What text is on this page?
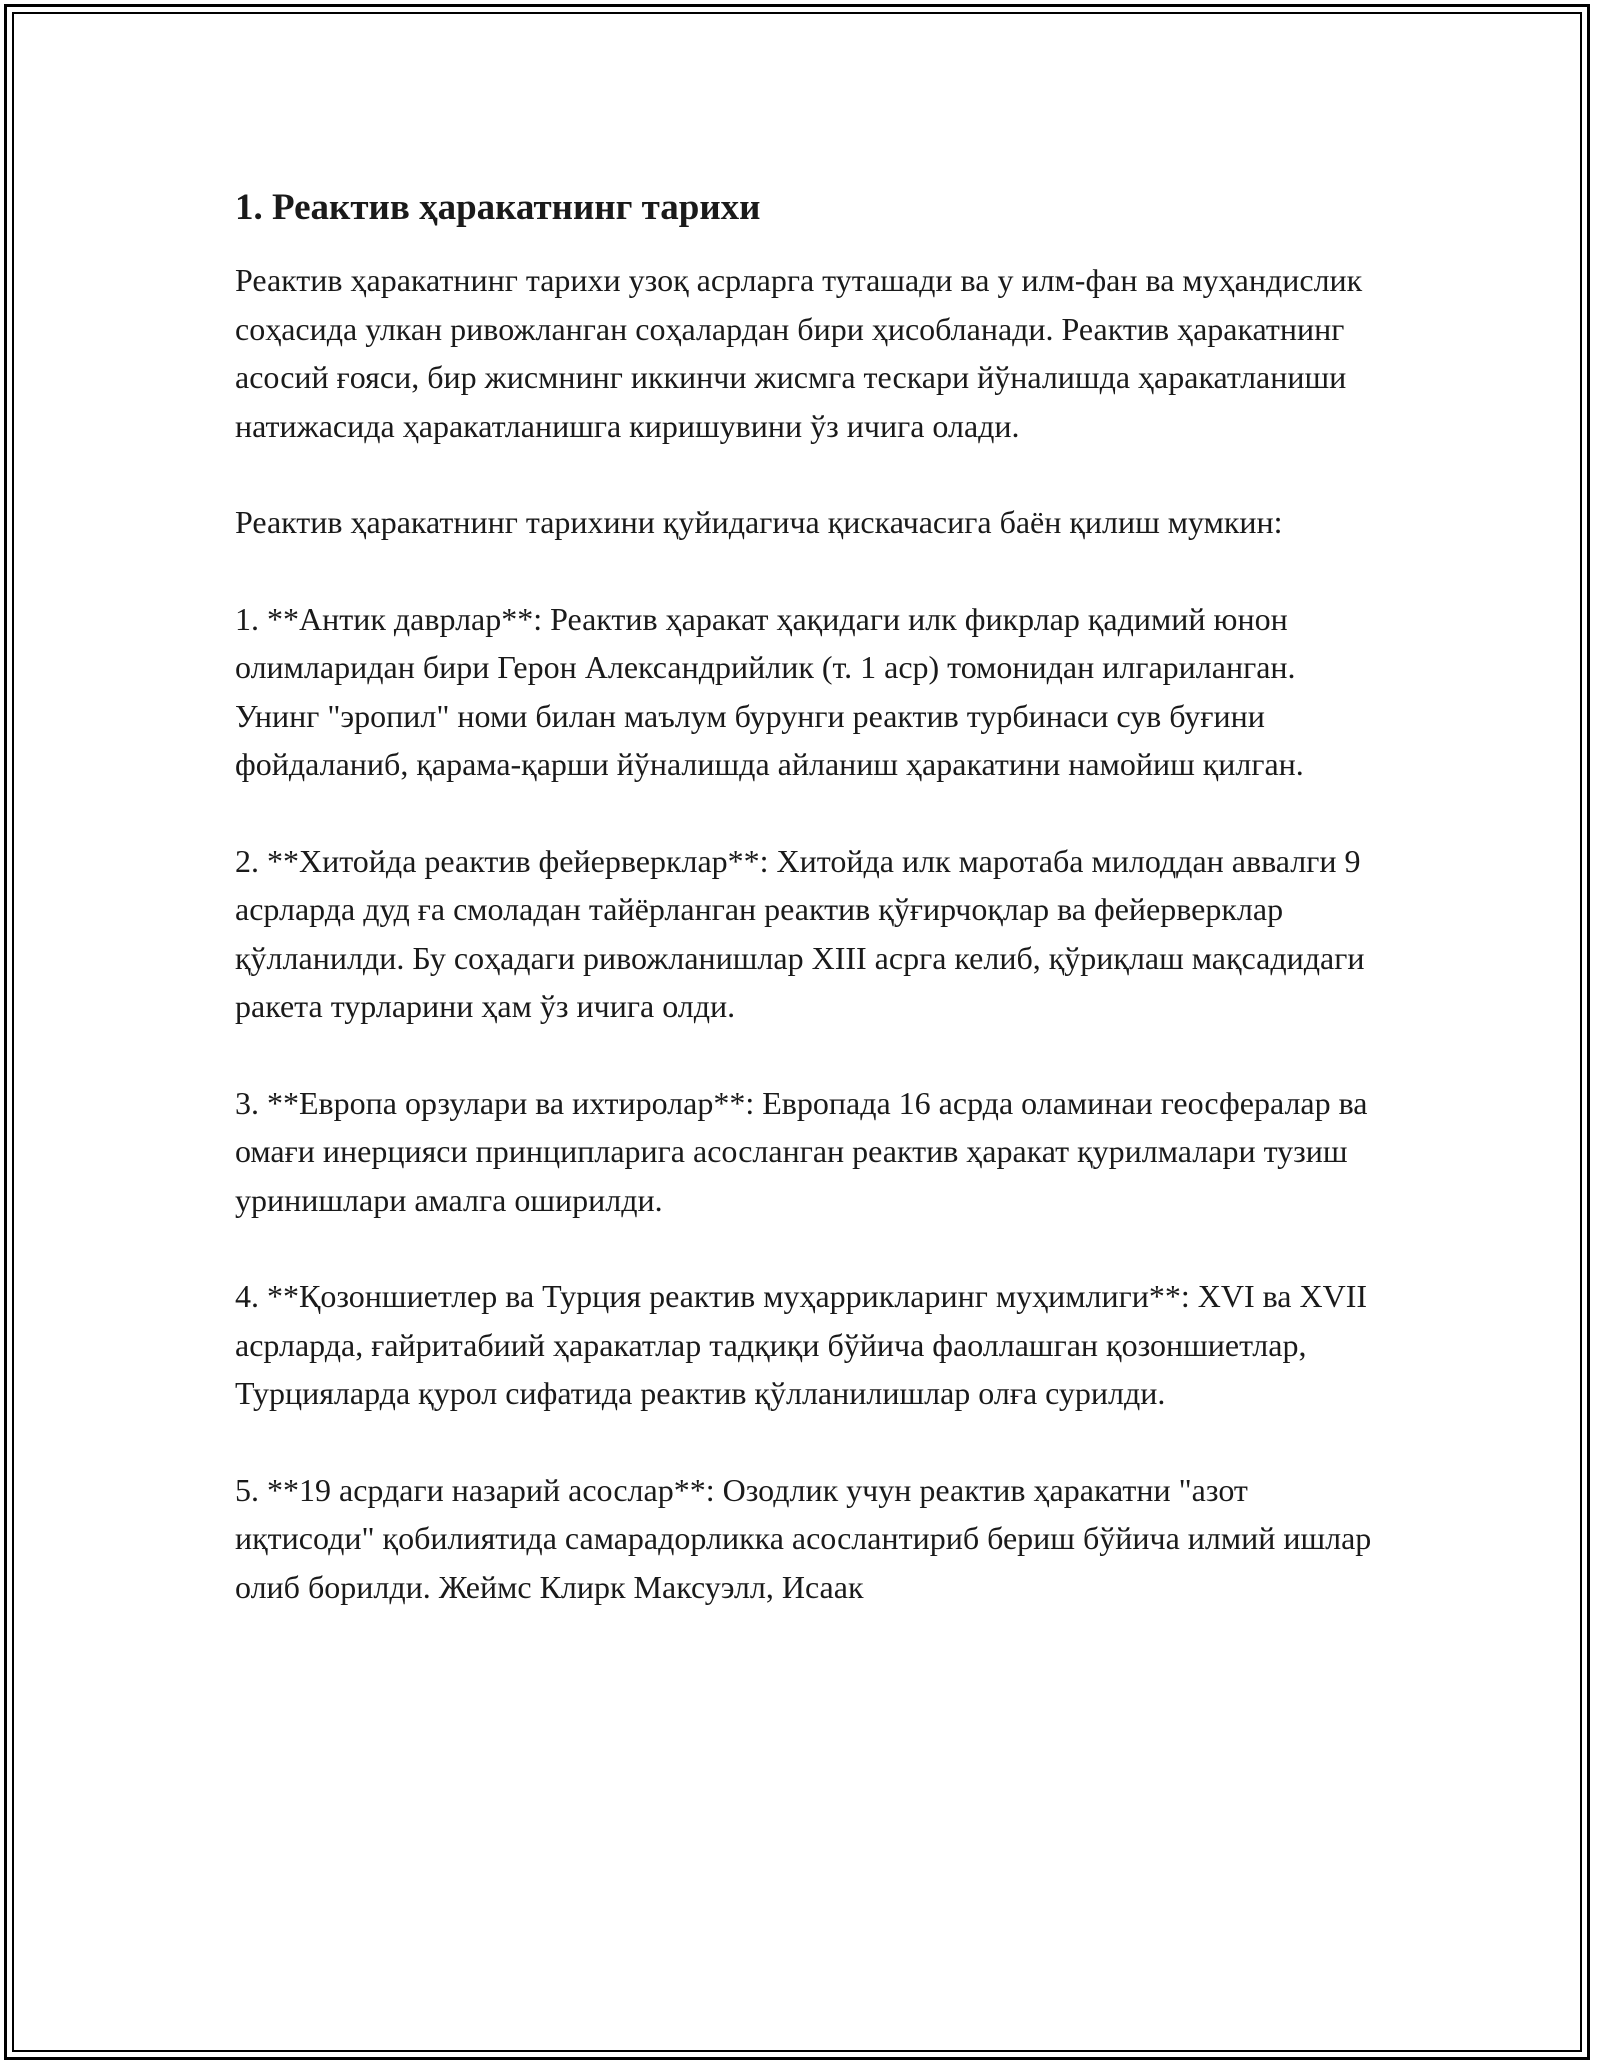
1. Реактив ҳаракатнинг тарихи

Реактив ҳаракатнинг тарихи узоқ асрларга туташади ва у илм-фан ва муҳандислик соҳасида улкан ривожланган соҳалардан бири ҳисобланади. Реактив ҳаракатнинг асосий ғояси, бир жисмнинг иккинчи жисмга тескари йўналишда ҳаракатланиши натижасида ҳаракатланишга киришувини ўз ичига олади.

Реактив ҳаракатнинг тарихини қуйидагича қискачасига баён қилиш мумкин:

1. **Антик даврлар**: Реактив ҳаракат ҳақидаги илк фикрлар қадимий юнон олимларидан бири Герон Александрийлик (т. 1 аср) томонидан илгариланган. Унинг "эропил" номи билан маълум бурунги реактив турбинаси сув буғини фойдаланиб, қарама-қарши йўналишда айланиш ҳаракатини намойиш қилган.

2. **Хитойда реактив фейерверклар**: Хитойда илк маротаба милоддан аввалги 9 асрларда дуд ға смоладан тайёрланган реактив қўғирчоқлар ва фейерверклар қўлланилди. Бу соҳадаги ривожланишлар XIII асрга келиб, қўриқлаш мақсадидаги ракета турларини ҳам ўз ичига олди.

3. **Европа орзулари ва ихтиролар**: Европада 16 асрда оламинаи геосфералар ва омағи инерцияси принципларига асосланган реактив ҳаракат қурилмалари тузиш уринишлари амалга оширилди.

4. **Қозоншиетлер ва Турция реактив муҳаррикларинг муҳимлиги**: XVI ва XVII асрларда, ғайритабиий ҳаракатлар тадқиқи бўйича фаоллашган қозоншиетлар, Турцияларда қурол сифатида реактив қўлланилишлар олға сурилди.

5. **19 асрдаги назарий асослар**: Озодлик учун реактив ҳаракатни "азот иқтисоди" қобилиятида самарадорликка асослантириб бериш бўйича илмий ишлар олиб борилди. Жеймс Клирк Максуэлл, Исаак
